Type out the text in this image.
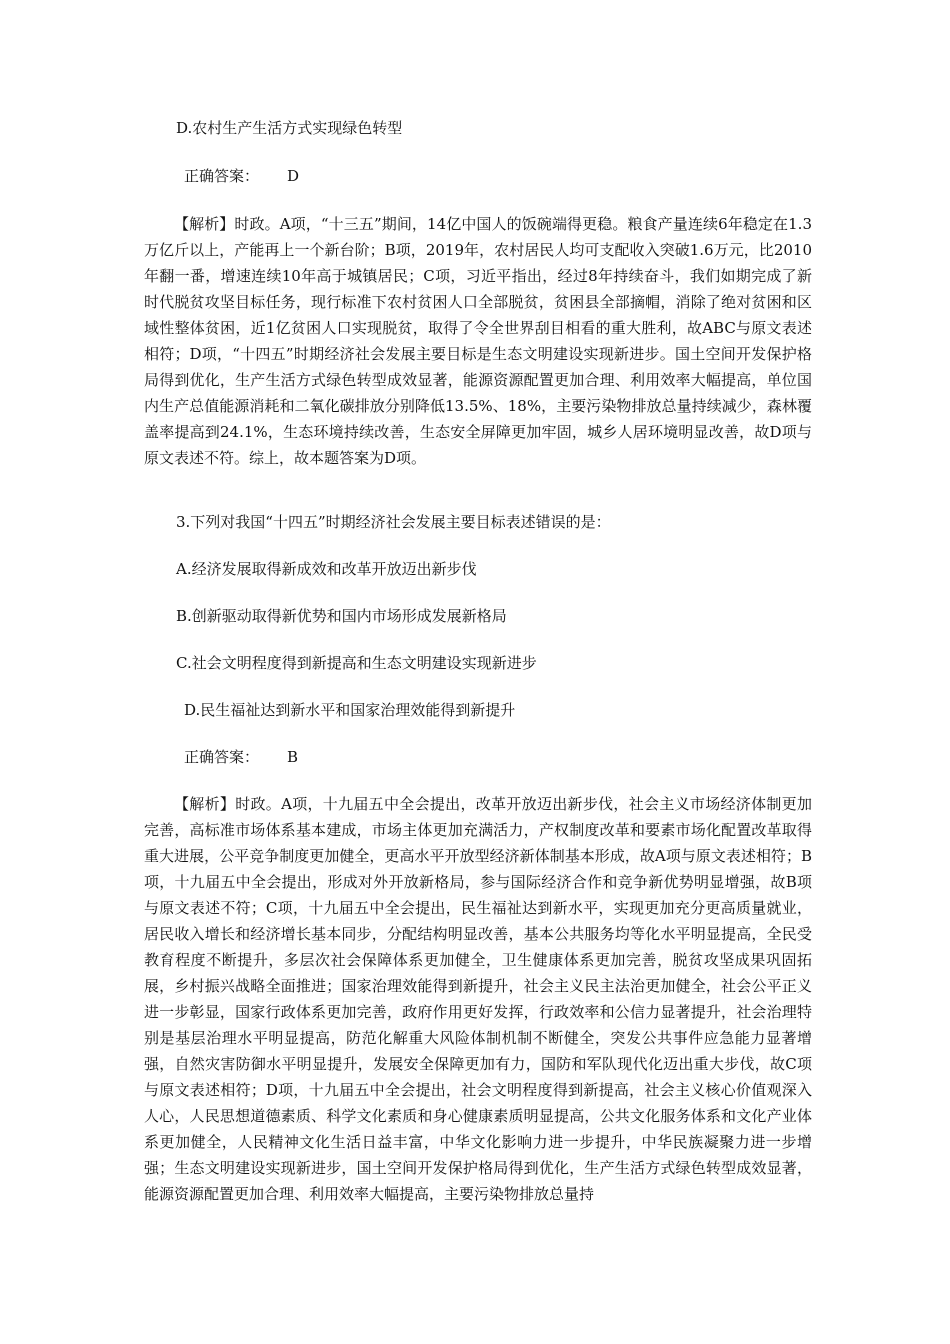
D.农村生产生活方式实现绿色转型
正确答案： D

【解析】时政。A项，“十三五”期间，14亿中国人的饭碗端得更稳。粮食产量连续6年稳定在1.3万亿斤以上，产能再上一个新台阶；B项，2019年，农村居民人均可支配收入突破1.6万元，比2010年翻一番，增速连续10年高于城镇居民；C项，习近平指出，经过8年持续奋斗，我们如期完成了新时代脱贫攻坚目标任务，现行标准下农村贫困人口全部脱贫，贫困县全部摘帽，消除了绝对贫困和区域性整体贫困，近1亿贫困人口实现脱贫，取得了令全世界刮目相看的重大胜利，故ABC与原文表述相符；D项，“十四五”时期经济社会发展主要目标是生态文明建设实现新进步。国土空间开发保护格局得到优化，生产生活方式绿色转型成效显著，能源资源配置更加合理、利用效率大幅提高，单位国内生产总值能源消耗和二氧化碳排放分别降低13.5%、18%，主要污染物排放总量持续减少，森林覆盖率提高到24.1%，生态环境持续改善，生态安全屏障更加牢固，城乡人居环境明显改善，故D项与原文表述不符。综上，故本题答案为D项。

3.下列对我国“十四五”时期经济社会发展主要目标表述错误的是：
A.经济发展取得新成效和改革开放迈出新步伐
B.创新驱动取得新优势和国内市场形成发展新格局
C.社会文明程度得到新提高和生态文明建设实现新进步
D.民生福祉达到新水平和国家治理效能得到新提升
正确答案： B

【解析】时政。A项，十九届五中全会提出，改革开放迈出新步伐，社会主义市场经济体制更加完善，高标准市场体系基本建成，市场主体更加充满活力，产权制度改革和要素市场化配置改革取得重大进展，公平竞争制度更加健全，更高水平开放型经济新体制基本形成，故A项与原文表述相符；B项，十九届五中全会提出，形成对外开放新格局，参与国际经济合作和竞争新优势明显增强，故B项与原文表述不符；C项，十九届五中全会提出，民生福祉达到新水平，实现更加充分更高质量就业，居民收入增长和经济增长基本同步，分配结构明显改善，基本公共服务均等化水平明显提高，全民受教育程度不断提升，多层次社会保障体系更加健全，卫生健康体系更加完善，脱贫攻坚成果巩固拓展，乡村振兴战略全面推进；国家治理效能得到新提升，社会主义民主法治更加健全，社会公平正义进一步彰显，国家行政体系更加完善，政府作用更好发挥，行政效率和公信力显著提升，社会治理特别是基层治理水平明显提高，防范化解重大风险体制机制不断健全，突发公共事件应急能力显著增强，自然灾害防御水平明显提升，发展安全保障更加有力，国防和军队现代化迈出重大步伐，故C项与原文表述相符；D项，十九届五中全会提出，社会文明程度得到新提高，社会主义核心价值观深入人心，人民思想道德素质、科学文化素质和身心健康素质明显提高，公共文化服务体系和文化产业体系更加健全，人民精神文化生活日益丰富，中华文化影响力进一步提升，中华民族凝聚力进一步增强；生态文明建设实现新进步，国土空间开发保护格局得到优化，生产生活方式绿色转型成效显著，能源资源配置更加合理、利用效率大幅提高，主要污染物排放总量持
